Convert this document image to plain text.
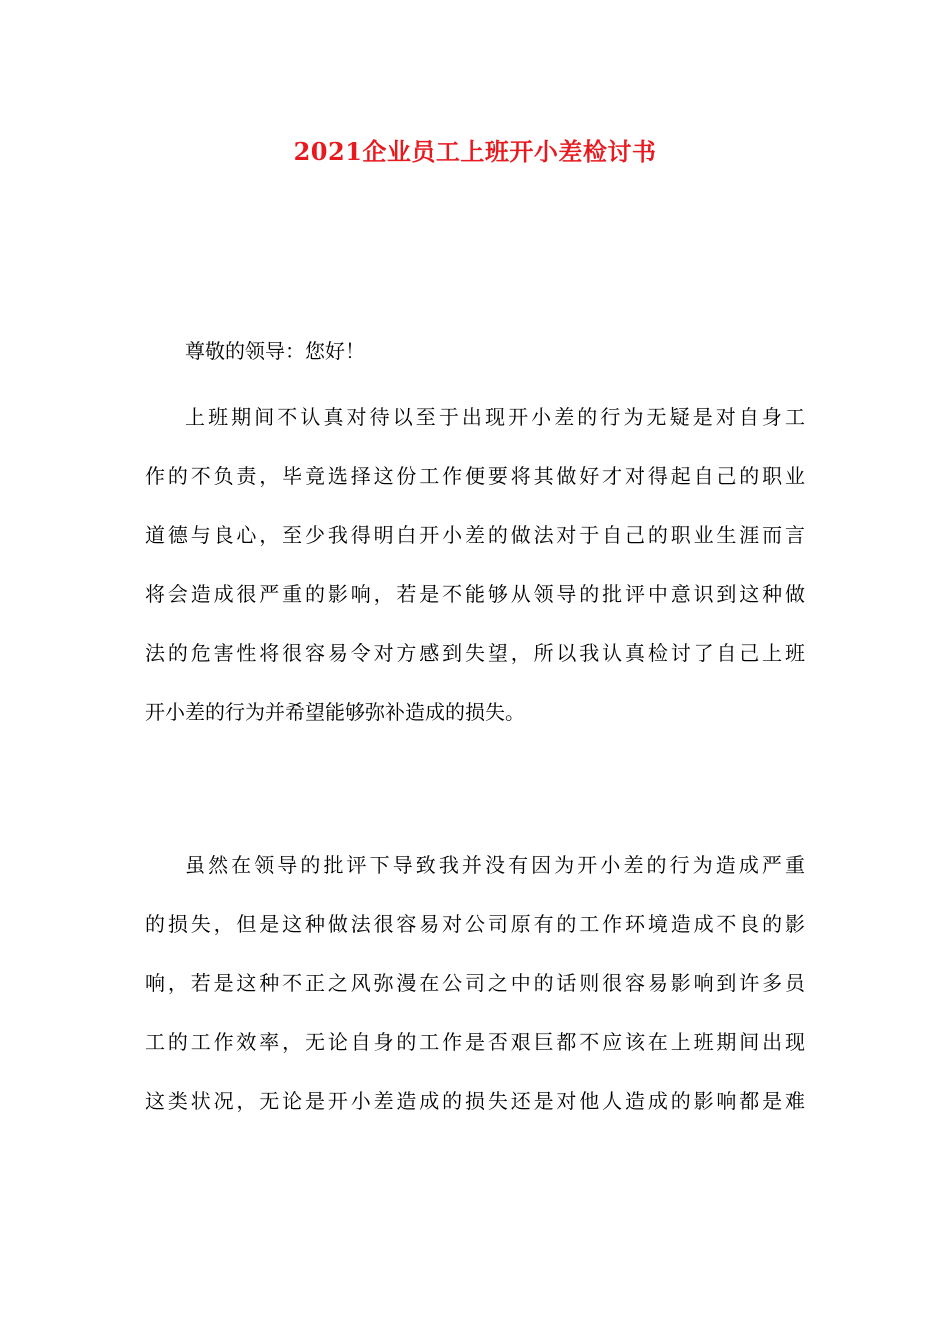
2021企业员工上班开小差检讨书
尊敬的领导：您好！
上班期间不认真对待以至于出现开小差的行为无疑是对自身工
作的不负责，毕竟选择这份工作便要将其做好才对得起自己的职业
道德与良心，至少我得明白开小差的做法对于自己的职业生涯而言
将会造成很严重的影响，若是不能够从领导的批评中意识到这种做
法的危害性将很容易令对方感到失望，所以我认真检讨了自己上班
开小差的行为并希望能够弥补造成的损失。
虽然在领导的批评下导致我并没有因为开小差的行为造成严重
的损失，但是这种做法很容易对公司原有的工作环境造成不良的影
响，若是这种不正之风弥漫在公司之中的话则很容易影响到许多员
工的工作效率，无论自身的工作是否艰巨都不应该在上班期间出现
这类状况，无论是开小差造成的损失还是对他人造成的影响都是难
